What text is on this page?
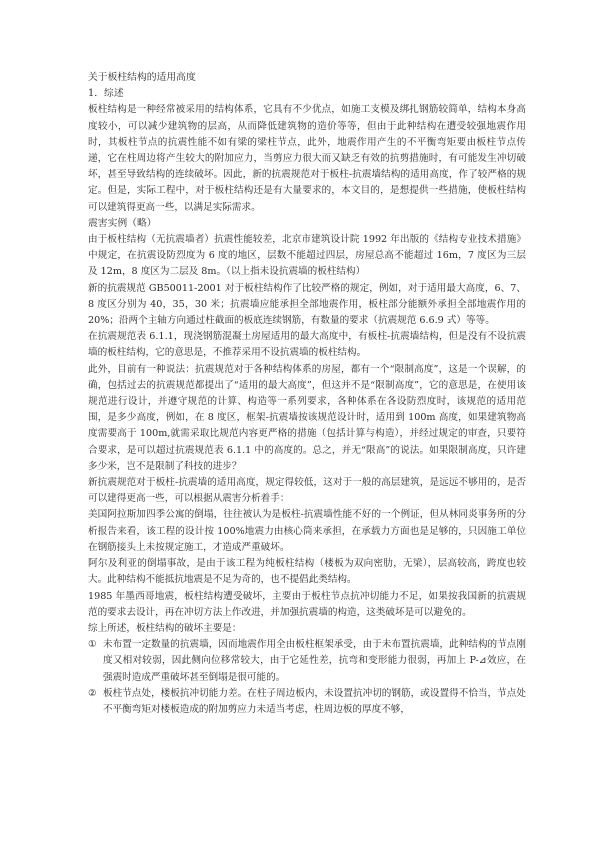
关于板柱结构的适用高度

1．综述

板柱结构是一种经常被采用的结构体系，它具有不少优点，如施工支模及绑扎钢筋较简单，结构本身高度较小，可以减少建筑物的层高，从而降低建筑物的造价等等，但由于此种结构在遭受较强地震作用时，其板柱节点的抗震性能不如有梁的梁柱节点，此外，地震作用产生的不平衡弯矩要由板柱节点传递，它在柱周边将产生较大的附加应力，当剪应力很大而又缺乏有效的抗剪措施时，有可能发生冲切破坏，甚至导致结构的连续破坏。因此，新的抗震规范对于板柱-抗震墙结构的适用高度，作了较严格的规定。但是，实际工程中，对于板柱结构还是有大量要求的，本文目的，是想提供一些措施，使板柱结构可以建筑得更高一些，以满足实际需求。

震害实例（略）

由于板柱结构（无抗震墙者）抗震性能较差，北京市建筑设计院 1992 年出版的《结构专业技术措施》中规定，在抗震设防烈度为 6 度的地区，层数不能超过四层，房屋总高不能超过 16m，7 度区为三层及 12m，8 度区为二层及 8m。（以上指未设抗震墙的板柱结构）

新的抗震规范 GB50011-2001 对于板柱结构作了比较严格的规定，例如，对于适用最大高度，6、7、8 度区分别为 40，35，30 米；抗震墙应能承担全部地震作用，板柱部分能额外承担全部地震作用的 20%；沿两个主轴方向通过柱截面的板底连续钢筋，有数量的要求（抗震规范 6.6.9 式）等等。

在抗震规范表 6.1.1，现浇钢筋混凝土房屋适用的最大高度中，有板柱-抗震墙结构，但是没有不设抗震墙的板柱结构，它的意思是，不推荐采用不设抗震墙的板柱结构。

此外，目前有一种说法：抗震规范对于各种结构体系的房屋，都有一个“限制高度”，这是一个误解，的确，包括过去的抗震规范都提出了“适用的最大高度”，但这并不是“限制高度”，它的意思是，在使用该规范进行设计，并遵守规范的计算、构造等一系列要求，各种体系在各设防烈度时，该规范的适用范围，是多少高度，例如，在 8 度区，框架-抗震墙按该规范设计时，适用到 100m 高度，如果建筑物高度需要高于 100m,就需采取比规范内容更严格的措施（包括计算与构造），并经过规定的审查，只要符合要求，是可以超过抗震规范表 6.1.1 中的高度的。总之，并无“限高”的说法。如果限制高度，只许建多少米，岂不是限制了科技的进步？

新抗震规范对于板柱-抗震墙的适用高度，规定得较低，这对于一般的高层建筑，是远远不够用的，是否可以建得更高一些，可以根据从震害分析着手：

美国阿拉斯加四季公寓的倒塌，往往被认为是板柱-抗震墙性能不好的一个例证，但从林同炎事务所的分析报告来看，该工程的设计按 100%地震力由核心筒来承担，在承载力方面也是足够的，只因施工单位在钢筋接头上未按规定施工，才造成严重破坏。

阿尔及利亚的倒塌事故，是由于该工程为纯板柱结构（楼板为双向密肋，无梁），层高较高，跨度也较大。此种结构不能抵抗地震是不足为奇的，也不提倡此类结构。

1985 年墨西哥地震，板柱结构遭受破坏，主要由于板柱节点抗冲切能力不足，如果按我国新的抗震规范的要求去设计，再在冲切方法上作改进，并加强抗震墙的构造，这类破坏是可以避免的。

综上所述，板柱结构的破坏主要是：

① 未布置一定数量的抗震墙，因而地震作用全由板柱框架承受，由于未布置抗震墙，此种结构的节点刚度又相对较弱，因此侧向位移常较大，由于它延性差，抗弯和变形能力很弱，再加上 P-⊿效应，在强震时造成严重破坏甚至倒塌是很可能的。
② 板柱节点处，楼板抗冲切能力差。在柱子周边板内，未设置抗冲切的钢筋，或设置得不恰当，节点处不平衡弯矩对楼板造成的附加剪应力未适当考虑，柱周边板的厚度不够，
